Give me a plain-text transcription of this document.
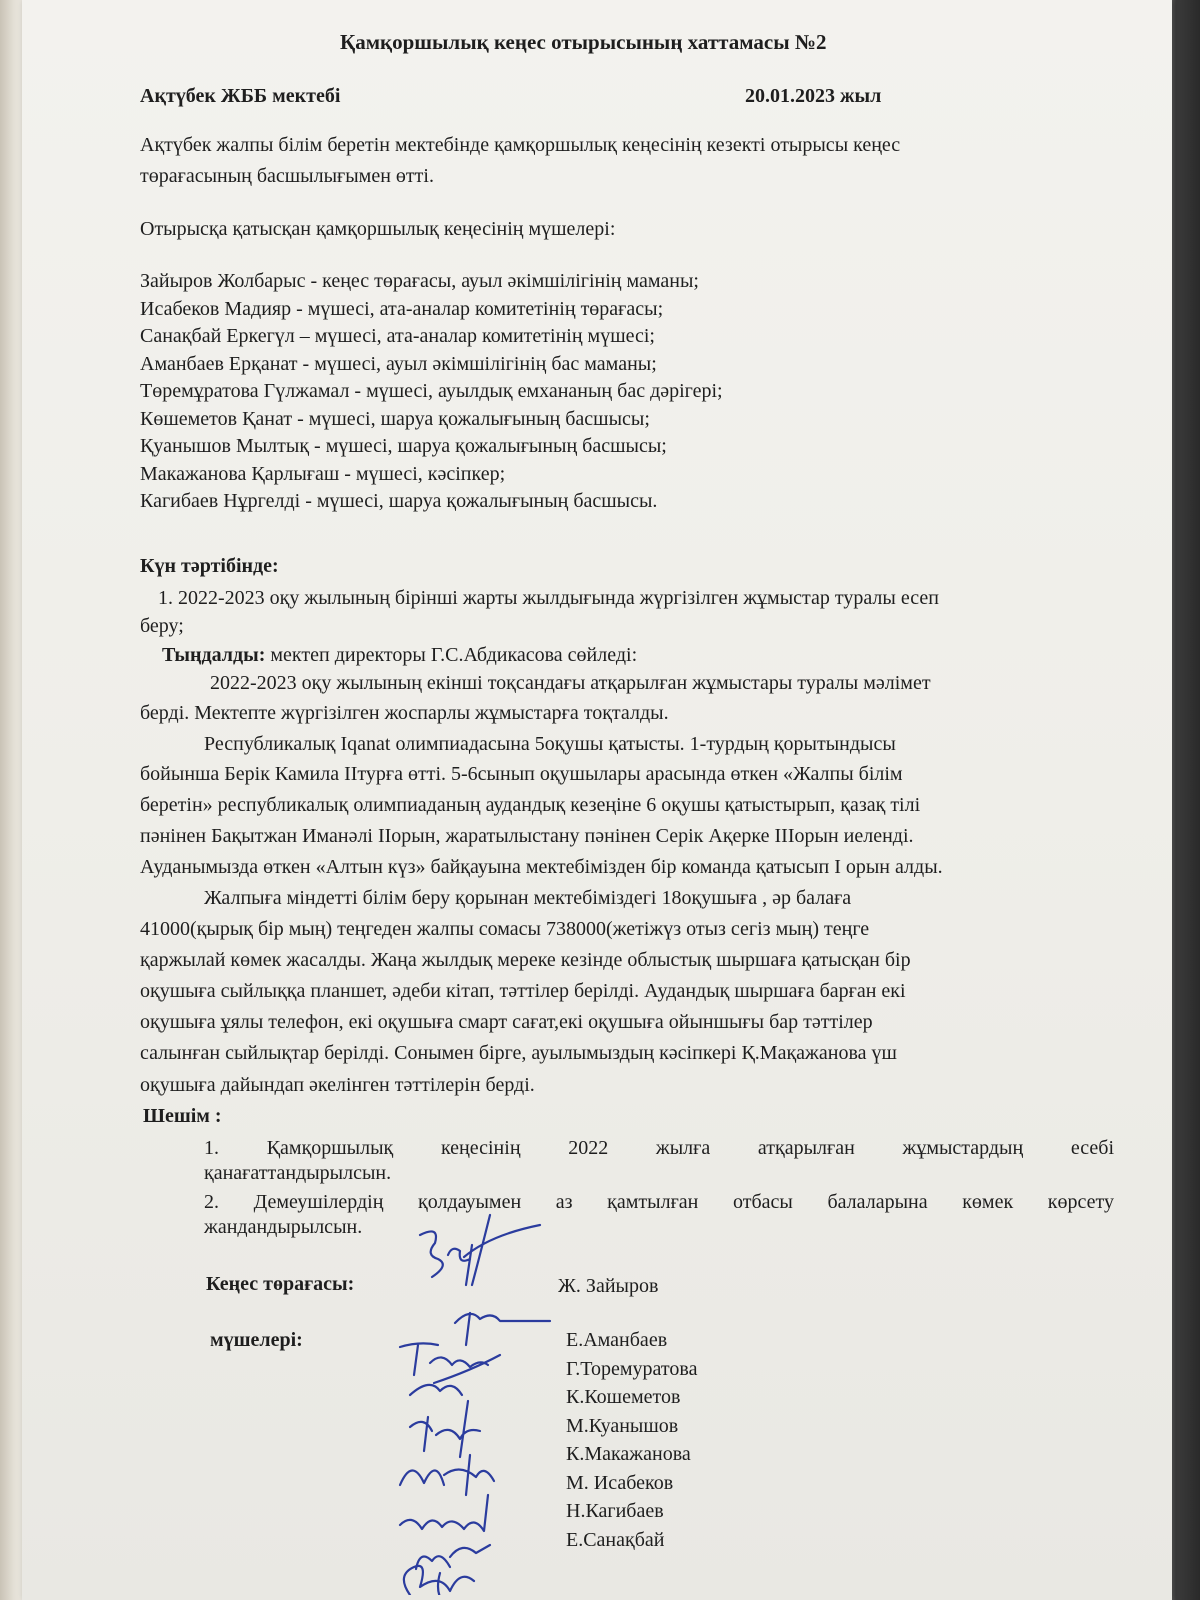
Қамқоршылық кеңес отырысының хаттамасы №2
Ақтүбек ЖББ мектебі	20.01.2023 жыл
Ақтүбек жалпы білім беретін мектебінде қамқоршылық кеңесінің кезекті отырысы кеңес
төрағасының басшылығымен өтті.
Отырысқа қатысқан қамқоршылық кеңесінің мүшелері:
Зайыров Жолбарыс - кеңес төрағасы, ауыл әкімшілігінің маманы;
Исабеков Мадияр - мүшесі, ата-аналар комитетінің төрағасы;
Санақбай Еркегүл – мүшесі, ата-аналар комитетінің мүшесі;
Аманбаев Ерқанат - мүшесі, ауыл әкімшілігінің бас маманы;
Төремұратова Гүлжамал - мүшесі, ауылдық емхананың бас дәрігері;
Көшеметов Қанат - мүшесі, шаруа қожалығының басшысы;
Қуанышов Мылтық - мүшесі, шаруа қожалығының басшысы;
Макажанова Қарлығаш - мүшесі, кәсіпкер;
Кагибаев Нұргелді - мүшесі, шаруа қожалығының басшысы.
Күн тәртібінде:
1. 2022-2023 оқу жылының бірінші жарты жылдығында жүргізілген жұмыстар туралы есеп
беру;
Тыңдалды: мектеп директоры Г.С.Абдикасова сөйледі:
2022-2023 оқу жылының екінші тоқсандағы атқарылған жұмыстары туралы мәлімет
берді. Мектепте жүргізілген жоспарлы жұмыстарға тоқталды.
Республикалық Iqanat олимпиадасына 5оқушы қатысты. 1-турдың қорытындысы
бойынша Берік Камила IIтурға өтті. 5-6сынып оқушылары арасында өткен «Жалпы білім
беретін» республикалық олимпиаданың аудандық кезеңіне 6 оқушы қатыстырып, қазақ тілі
пәнінен Бақытжан Иманәлі IIорын, жаратылыстану пәнінен Серік Ақерке IIIорын иеленді.
Ауданымызда өткен «Алтын күз» байқауына мектебімізден бір команда қатысып I орын алды.
Жалпыға міндетті білім беру қорынан мектебіміздегі 18оқушыға , әр балаға
41000(қырық бір мың) теңгеден жалпы сомасы 738000(жетіжүз отыз сегіз мың) теңге
қаржылай көмек жасалды. Жаңа жылдық мереке кезінде облыстық шыршаға қатысқан бір
оқушыға сыйлыққа планшет, әдеби кітап, тәттілер берілді. Аудандық шыршаға барған екі
оқушыға ұялы телефон, екі оқушыға смарт сағат,екі оқушыға ойыншығы бар тәттілер
салынған сыйлықтар берілді. Сонымен бірге, ауылымыздың кәсіпкері Қ.Мақажанова үш
оқушыға дайындап әкелінген тәттілерін берді.
Шешім :
1. Қамқоршылық кеңесінің 2022 жылға атқарылған жұмыстардың есебі
қанағаттандырылсын.
2. Демеушілердің қолдауымен аз қамтылған отбасы балаларына көмек көрсету
жандандырылсын.
Кеңес төрағасы:	Ж. Зайыров
мүшелері:	Е.Аманбаев
Г.Торемуратова
К.Кошеметов
М.Куанышов
К.Макажанова
М. Исабеков
Н.Кагибаев
Е.Санақбай
